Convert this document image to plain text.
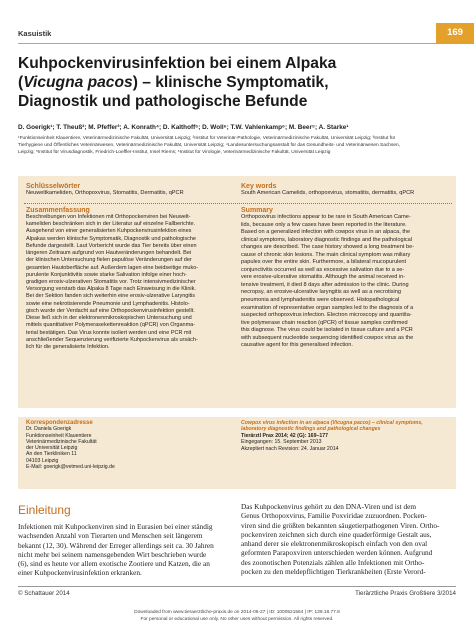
Kasuistik	169
Kuhpockenvirusinfektion bei einem Alpaka
(Vicugna pacos) – klinische Symptomatik,
Diagnostik und pathologische Befunde
D. Goerigk¹; T. Theuß²; M. Pfeffer³; A. Konrath⁴; D. Kalthoff⁵; D. Woll⁶; T.W. Vahlenkamp⁶; M. Beer⁵; A. Starke¹
¹Funktionseinheit Klauentiere, Veterinärmedizinische Fakultät, Universität Leipzig; ²Institut für Veterinär-Pathologie, Veterinärmedizinische Fakultät, Universität Leipzig; ³Institut für
Tierhygiene und Öffentliches Veterinärwesen, Veterinärmedizinische Fakultät, Universität Leipzig; ⁴Landesuntersuchungsanstalt für das Gesundheits- und Veterinärwesen Sachsen,
Leipzig; ⁵Institut für Virusdiagnostik, Friedrich-Loeffler-Institut, Insel Riems; ⁶Institut für Virologie, Veterinärmedizinische Fakultät, Universität Leipzig
Schlüsselwörter
Neuweltkameliden, Orthopoxvirus, Stomatitis, Dermatitis, qPCR
Key words
South American Camelids, orthopoxvirus, stomatitis, dermatitis, qPCR
Zusammenfassung

Beschreibungen von Infektionen mit Orthopockenviren bei Neuwelt-
kameliden beschränken sich in der Literatur auf einzelne Fallberichte.
Ausgehend von einer generalisierten Kuhpockenvirusinfektion eines
Alpakas werden klinische Symptomatik, Diagnostik und pathologische
Befunde dargestellt. Laut Vorbericht wurde das Tier bereits über einen
längeren Zeitraum aufgrund von Hautveränderungen behandelt. Bei
der klinischen Untersuchung fielen papulöse Veränderungen auf der
gesamten Hautoberfläche auf. Außerdem lagen eine beidseitige muko-
purulente Konjunktivitis sowie starke Salivation infolge einer hoch-
gradigen erosiv-ulzerativen Stomatitis vor. Trotz intensivmedizinischer
Versorgung verstarb das Alpaka 8 Tage nach Einweisung in die Klinik.
Bei der Sektion fanden sich weiterhin eine erosiv-ulzerative Laryngitis
sowie eine nekrotisierende Pneumonie und Lymphadenitis. Histolo-
gisch wurde der Verdacht auf eine Orthopockenvirusinfektion gestellt.
Diese ließ sich in der elektronenmikroskopischen Untersuchung und
mittels quantitativer Polymerasekettenreaktion (qPCR) von Organma-
terial bestätigen. Das Virus konnte isoliert werden und eine PCR mit
anschließender Sequenzierung verifizierte Kuhpockenvirus als ursäch-
lich für die generalisierte Infektion.

Summary

Orthopoxvirus infections appear to be rare in South American Came-
lids, because only a few cases have been reported in the literature.
Based on a generalized infection with cowpox virus in an alpaca, the
clinical symptoms, laboratory diagnostic findings and the pathological
changes are described. The case history showed a long treatment be-
cause of chronic skin lesions. The main clinical symptom was miliary
papules over the entire skin. Furthermore, a bilateral mucopurulent
conjunctivitis occurred as well as excessive salivation due to a se-
vere erosive-ulcerative stomatitis. Although the animal received in-
tensive treatment, it died 8 days after admission to the clinic. During
necropsy, an erosive-ulcerative laryngitis as well as a necrotising
pneumonia and lymphadenitis were observed. Histopathological
examination of representative organ samples led to the diagnosis of a
suspected orthopoxvirus infection. Electron microscopy and quantita-
tive polymerase chain reaction (qPCR) of tissue samples confirmed
this diagnose. The virus could be isolated in tissue culture and a PCR
with subsequent nucleotide sequencing identified cowpox virus as the
causative agent for this generalised infection.

Korrespondenzadresse
Dr. Daniela Goerigk
Funktionseinheit Klauentiere
Veterinärmedizinische Fakultät
der Universität Leipzig
An den Tierkliniken 11
04103 Leipzig
E-Mail: goerigk@vetmed.uni-leipzig.de
Cowpox virus infection in an alpaca (Vicugna pacos) – clinical symptoms,
laboratory diagnostic findings and pathological changes
Tierärztl Prax 2014; 42 (G): 169–177
Eingegangen: 15. September 2013
Akzeptiert nach Revision: 24. Januar 2014
Einleitung

Infektionen mit Kuhpockenviren sind in Eurasien bei einer ständig
wachsenden Anzahl von Tierarten und Menschen seit längerem
bekannt (12, 30). Während der Erreger allerdings seit ca. 30 Jahren
nicht mehr bei seinem namensgebenden Wirt beschrieben wurde
(6), sind es heute vor allem exotische Zootiere und Katzen, die an
einer Kuhpockenvirusinfektion erkranken.

Das Kuhpockenvirus gehört zu den DNA-Viren und ist dem
Genus Orthopoxvirus, Familie Poxviridae zuzuordnen. Pocken-
viren sind die größten bekannten säugetierpathogenen Viren. Ortho-
pockenviren zeichnen sich durch eine quaderförmige Gestalt aus,
anhand derer sie elektronenmikroskopisch einfach von den oval
geformten Parapoxviren unterschieden werden können. Aufgrund
des zoonotischen Potenzials zählen alle Infektionen mit Ortho-
pocken zu den meldepflichtigen Tierkrankheiten (Erste Verord-

© Schattauer 2014	Tierärztliche Praxis Großtiere 3/2014
Downloaded from www.tieraerztliche-praxis.de on 2014-06-27 | ID: 1000521564 | IP: 139.18.77.8
For personal or educational use only. No other uses without permission. All rights reserved.
